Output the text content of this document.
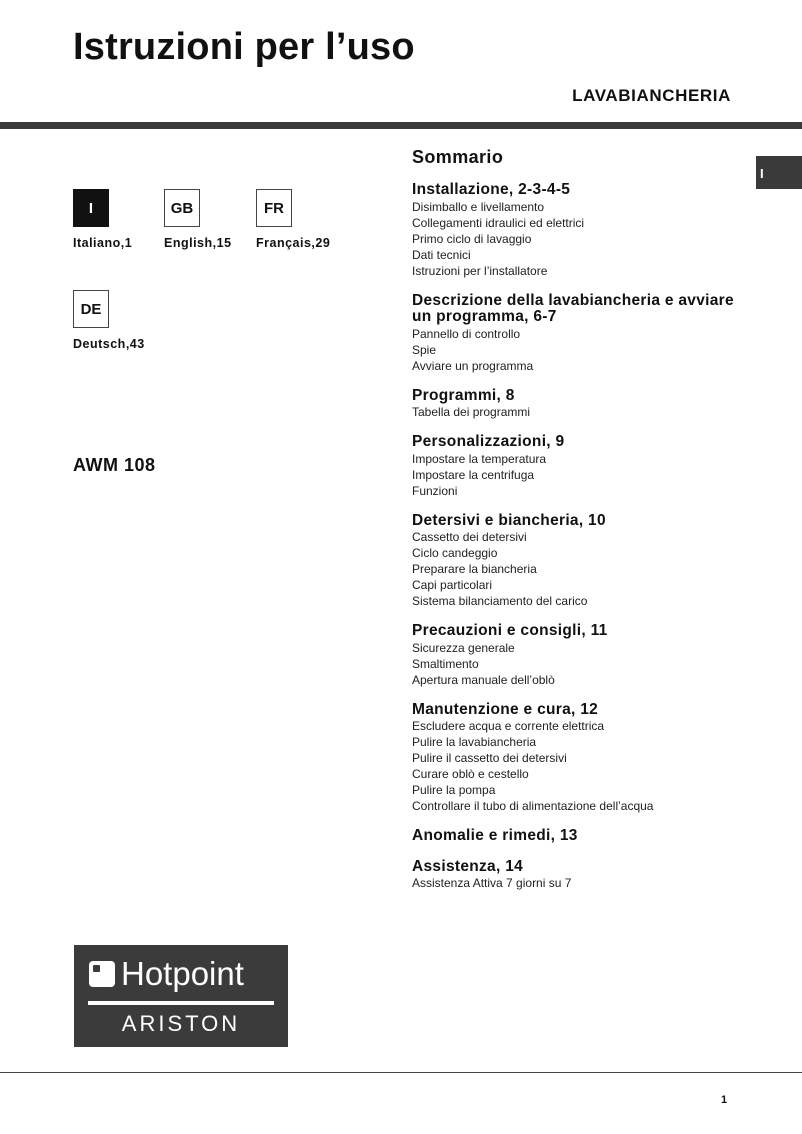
Istruzioni per l’uso
LAVABIANCHERIA
I
I
Italiano,1
GB
English,15
FR
Français,29
DE
Deutsch,43
AWM 108
Sommario
Installazione, 2-3-4-5
Disimballo e livellamento
Collegamenti idraulici ed elettrici
Primo ciclo di lavaggio
Dati tecnici
Istruzioni per l’installatore
Descrizione della lavabiancheria e avviare un programma, 6-7
Pannello di controllo
Spie
Avviare un programma
Programmi, 8
Tabella dei programmi
Personalizzazioni, 9
Impostare la temperatura
Impostare la centrifuga
Funzioni
Detersivi e biancheria, 10
Cassetto dei detersivi
Ciclo candeggio
Preparare la biancheria
Capi particolari
Sistema bilanciamento del carico
Precauzioni e consigli, 11
Sicurezza generale
Smaltimento
Apertura manuale dell’oblò
Manutenzione e cura, 12
Escludere acqua e corrente elettrica
Pulire la lavabiancheria
Pulire il cassetto dei detersivi
Curare oblò e cestello
Pulire la pompa
Controllare il tubo di alimentazione dell’acqua
Anomalie e rimedi, 13
Assistenza, 14
Assistenza Attiva 7 giorni su 7
Hotpoint
ARISTON
1
